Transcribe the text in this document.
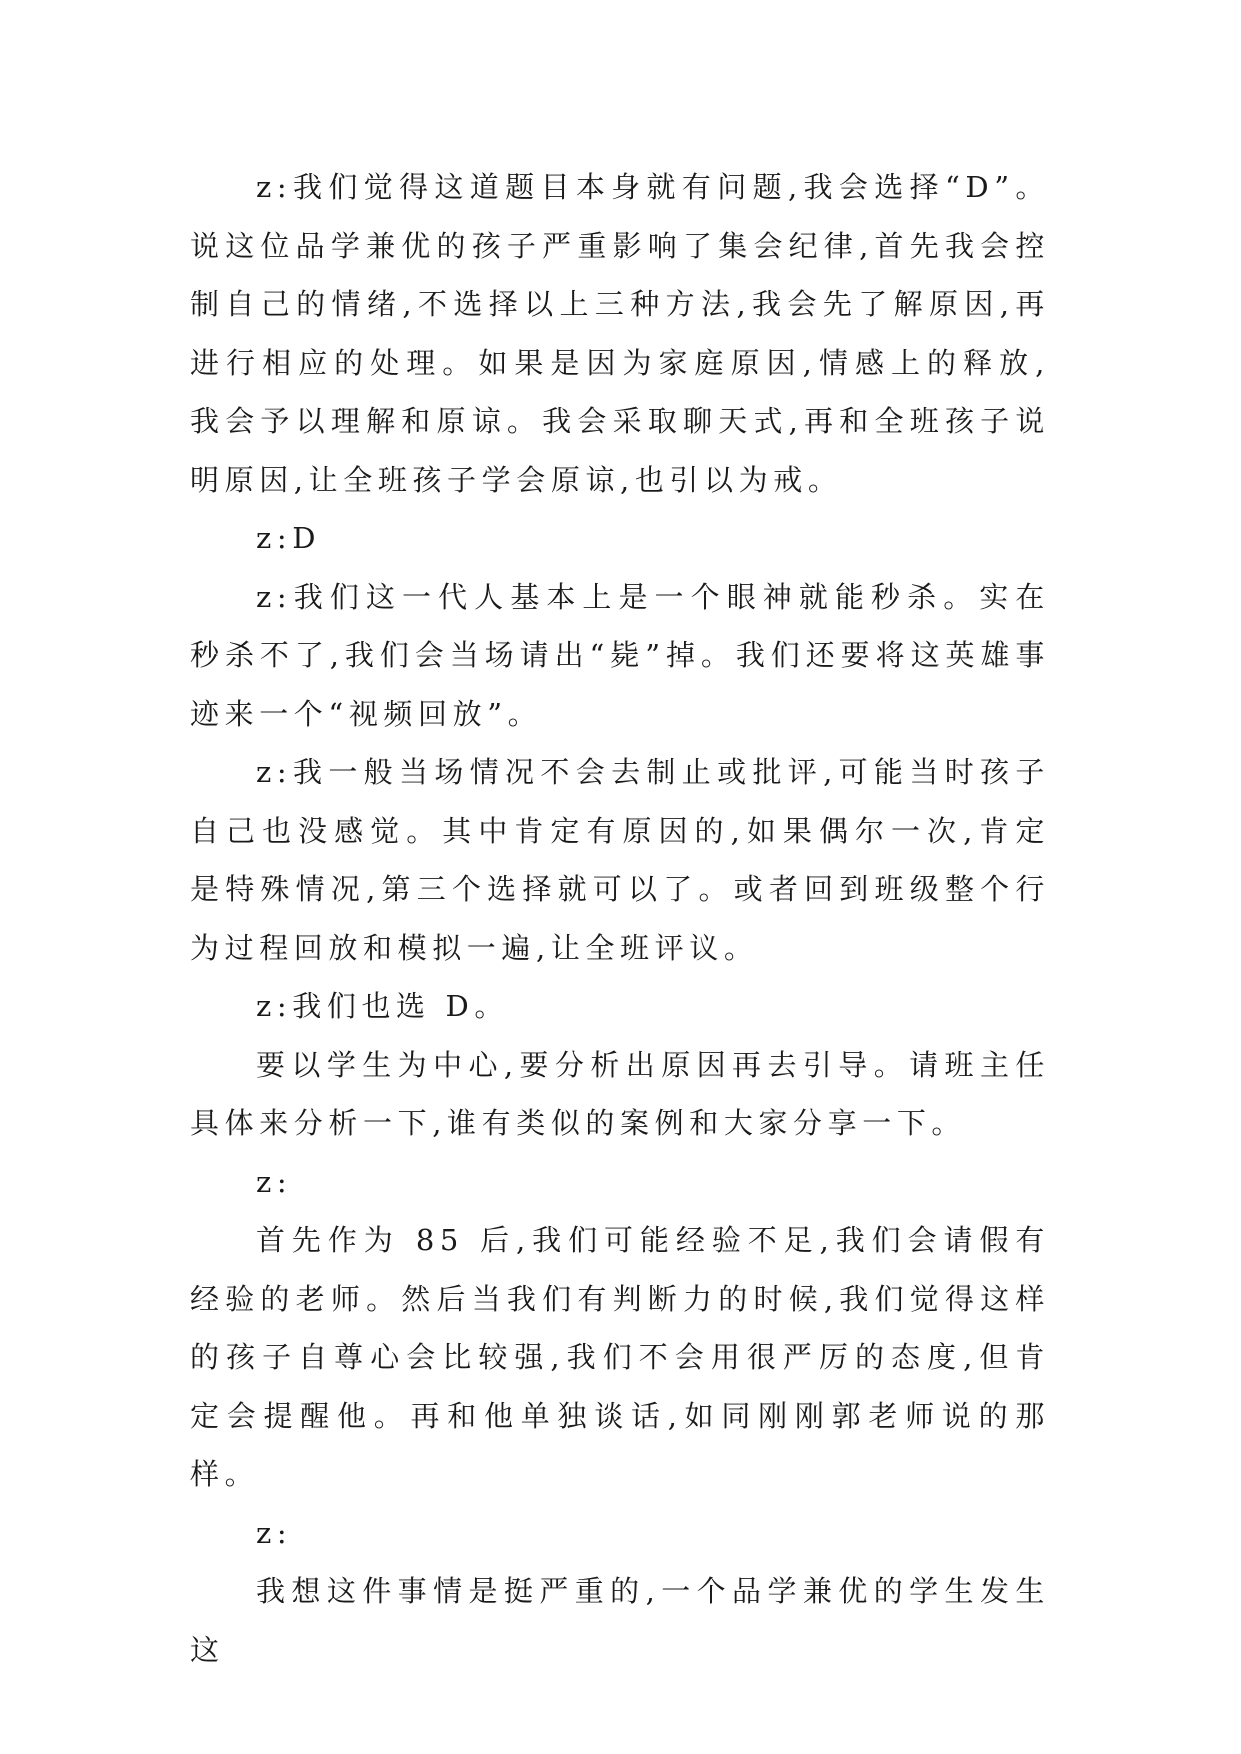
z:我们觉得这道题目本身就有问题,我会选择“D”。说这位品学兼优的孩子严重影响了集会纪律,首先我会控制自己的情绪,不选择以上三种方法,我会先了解原因,再进行相应的处理。如果是因为家庭原因,情感上的释放,我会予以理解和原谅。我会采取聊天式,再和全班孩子说明原因,让全班孩子学会原谅,也引以为戒。

z:D

z:我们这一代人基本上是一个眼神就能秒杀。实在秒杀不了,我们会当场请出“毙”掉。我们还要将这英雄事迹来一个“视频回放”。

z:我一般当场情况不会去制止或批评,可能当时孩子自己也没感觉。其中肯定有原因的,如果偶尔一次,肯定是特殊情况,第三个选择就可以了。或者回到班级整个行为过程回放和模拟一遍,让全班评议。

z:我们也选 D。

要以学生为中心,要分析出原因再去引导。请班主任具体来分析一下,谁有类似的案例和大家分享一下。

z:

首先作为 85 后,我们可能经验不足,我们会请假有经验的老师。然后当我们有判断力的时候,我们觉得这样的孩子自尊心会比较强,我们不会用很严厉的态度,但肯定会提醒他。再和他单独谈话,如同刚刚郭老师说的那样。

z:

我想这件事情是挺严重的,一个品学兼优的学生发生这
